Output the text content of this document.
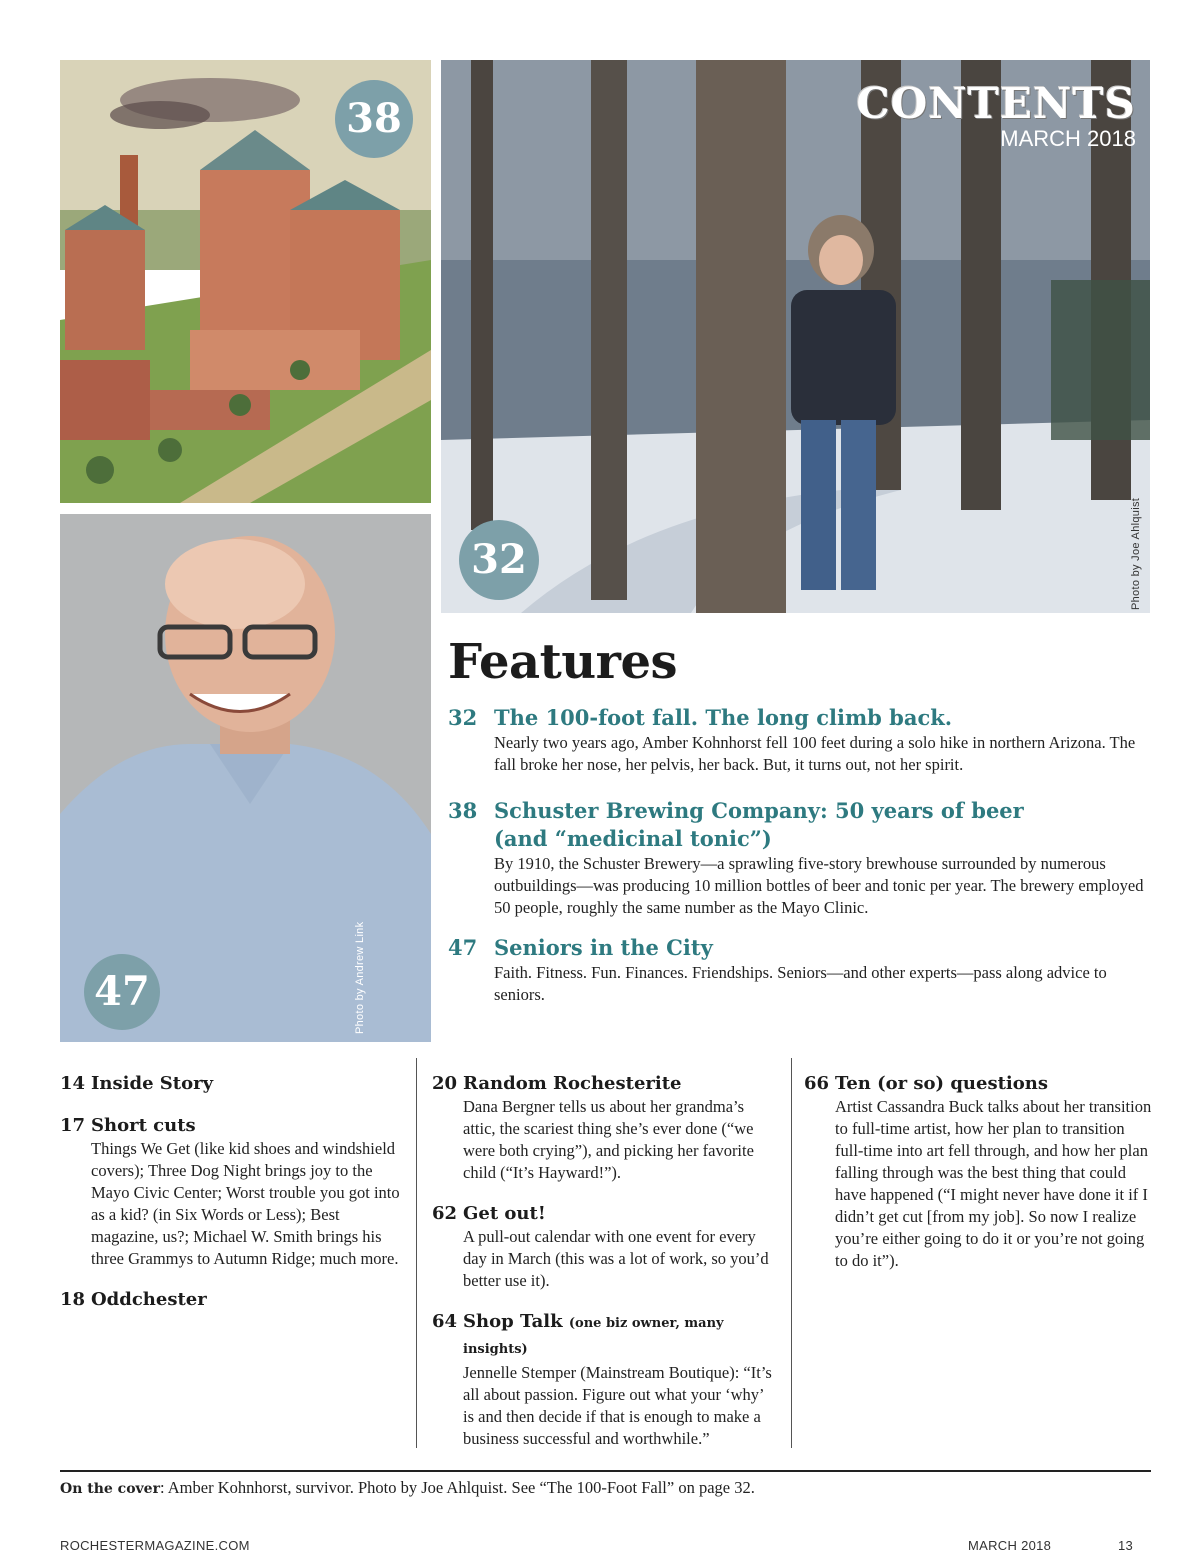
38
47	Photo by Andrew Link
CONTENTS
MARCH 2018
32	Photo by Joe Ahlquist
Features
32 The 100-foot fall. The long climb back.
Nearly two years ago, Amber Kohnhorst fell 100 feet during a solo hike in northern Arizona. The fall broke her nose, her pelvis, her back. But, it turns out, not her spirit.
38 Schuster Brewing Company: 50 years of beer
(and “medicinal tonic”)
By 1910, the Schuster Brewery—a sprawling five-story brewhouse surrounded by numerous outbuildings—was producing 10 million bottles of beer and tonic per year. The brewery employed 50 people, roughly the same number as the Mayo Clinic.
47 Seniors in the City
Faith. Fitness. Fun. Finances. Friendships. Seniors—and other experts—pass along advice to seniors.
14 Inside Story
17 Short cuts
Things We Get (like kid shoes and windshield covers); Three Dog Night brings joy to the Mayo Civic Center; Worst trouble you got into as a kid? (in Six Words or Less); Best magazine, us?; Michael W. Smith brings his three Grammys to Autumn Ridge; much more.
18 Oddchester
20 Random Rochesterite
Dana Bergner tells us about her grandma’s attic, the scariest thing she’s ever done (“we were both crying”), and picking her favorite child (“It’s Hayward!”).
62 Get out!
A pull-out calendar with one event for every day in March (this was a lot of work, so you’d better use it).
64 Shop Talk (one biz owner, many insights)
Jennelle Stemper (Mainstream Boutique): “It’s all about passion. Figure out what your ‘why’ is and then decide if that is enough to make a business successful and worthwhile.”
66 Ten (or so) questions
Artist Cassandra Buck talks about her transition to full-time artist, how her plan to transition full-time into art fell through, and how her plan falling through was the best thing that could have happened (“I might never have done it if I didn’t get cut [from my job]. So now I realize you’re either going to do it or you’re not going to do it”).
On the cover: Amber Kohnhorst, survivor. Photo by Joe Ahlquist. See “The 100-Foot Fall” on page 32.
ROCHESTERMAGAZINE.COM	MARCH 2018	13
